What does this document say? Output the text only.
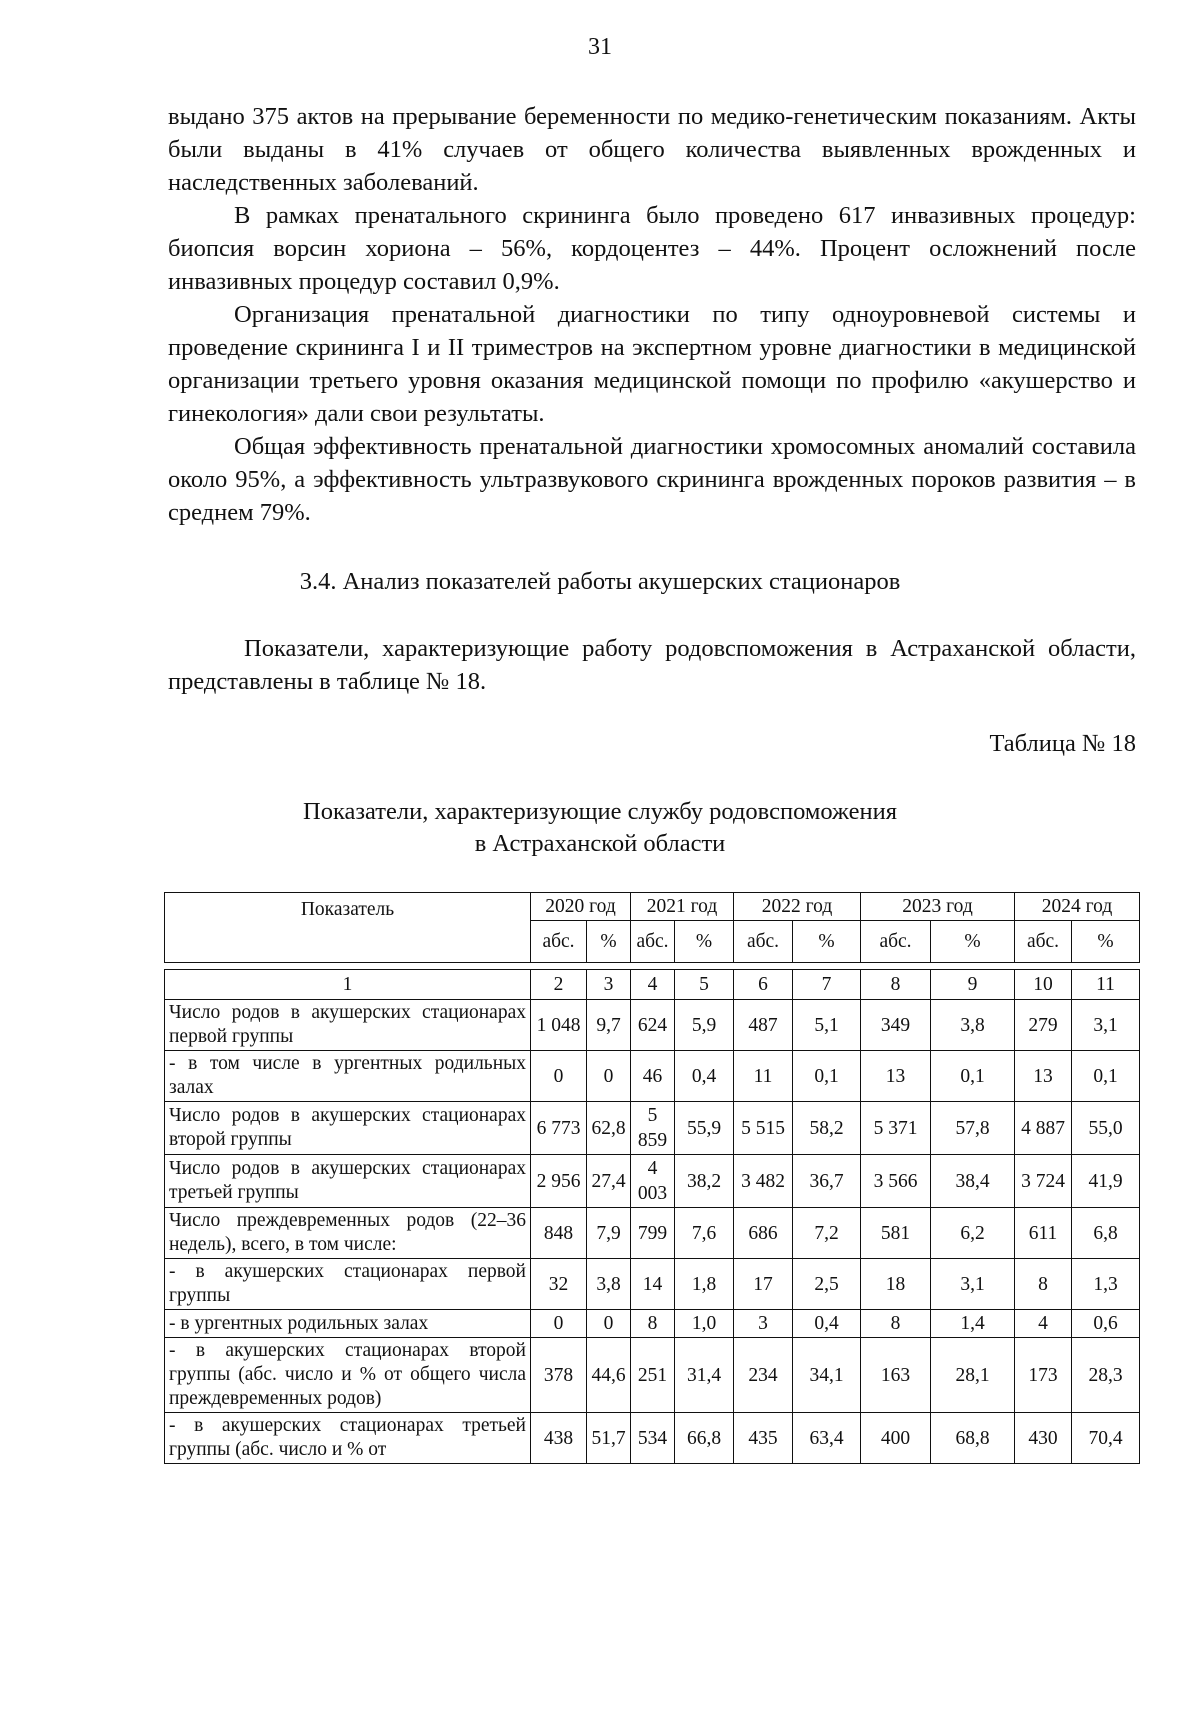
31

выдано 375 актов на прерывание беременности по медико-генетическим показаниям. Акты были выданы в 41% случаев от общего количества выявленных врожденных и наследственных заболеваний.

В рамках пренатального скрининга было проведено 617 инвазивных процедур: биопсия ворсин хориона – 56%, кордоцентез – 44%. Процент осложнений после инвазивных процедур составил 0,9%.

Организация пренатальной диагностики по типу одноуровневой системы и проведение скрининга I и II триместров на экспертном уровне диагностики в медицинской организации третьего уровня оказания медицинской помощи по профилю «акушерство и гинекология» дали свои результаты.

Общая эффективность пренатальной диагностики хромосомных аномалий составила около 95%, а эффективность ультразвукового скрининга врожденных пороков развития – в среднем 79%.

3.4. Анализ показателей работы акушерских стационаров
Показатели, характеризующие работу родовспоможения в Астраханской области, представлены в таблице № 18.
Таблица № 18
Показатели, характеризующие службу родовспоможения
в Астраханской области
Показатель	2020 год		2021 год		2022 год		2023 год		2024 год	
	абс.	%	абс.	%	абс.	%	абс.	%	абс.	%

1	2	3	4	5	6	7	8	9	10	11
Число родов в акушерских стационарах первой группы	1 048	9,7	624	5,9	487	5,1	349	3,8	279	3,1
- в том числе в ургентных родильных залах	0	0	46	0,4	11	0,1	13	0,1	13	0,1
Число родов в акушерских стационарах второй группы	6 773	62,8	5 859	55,9	5 515	58,2	5 371	57,8	4 887	55,0
Число родов в акушерских стационарах третьей группы	2 956	27,4	4 003	38,2	3 482	36,7	3 566	38,4	3 724	41,9
Число преждевременных родов (22–36 недель), всего, в том числе:	848	7,9	799	7,6	686	7,2	581	6,2	611	6,8
- в акушерских стационарах первой группы	32	3,8	14	1,8	17	2,5	18	3,1	8	1,3
- в ургентных родильных залах	0	0	8	1,0	3	0,4	8	1,4	4	0,6
- в акушерских стационарах второй группы (абс. число и % от общего числа преждевременных родов)	378	44,6	251	31,4	234	34,1	163	28,1	173	28,3
- в акушерских стационарах третьей группы (абс. число и % от	438	51,7	534	66,8	435	63,4	400	68,8	430	70,4
